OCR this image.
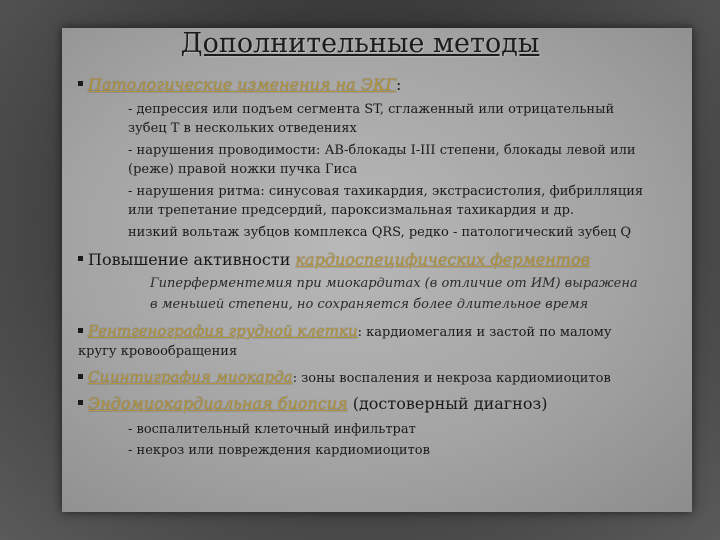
Дополнительные методы
Патологические изменения на ЭКГ:
- депрессия или подъем сегмента ST, сглаженный или отрицательный
зубец T в нескольких отведениях
- нарушения проводимости: АВ-блокады I-III степени, блокады левой или
(реже) правой ножки пучка Гиса
- нарушения ритма: синусовая тахикардия, экстрасистолия, фибрилляция
или трепетание предсердий, пароксизмальная тахикардия и др.
низкий вольтаж зубцов комплекса QRS, редко - патологический зубец Q
Повышение активности кардиоспецифических ферментов
Гиперферментемия при миокардитах (в отличие от ИМ) выражена
в меньшей степени, но сохраняется более длительное время
Рентгенография грудной клетки: кардиомегалия и застой по малому
кругу кровообращения
Сцинтиграфия миокарда: зоны воспаления и некроза кардиомиоцитов
Эндомиокардиальная биопсия (достоверный диагноз)
- воспалительный клеточный инфильтрат
- некроз или повреждения кардиомиоцитов
